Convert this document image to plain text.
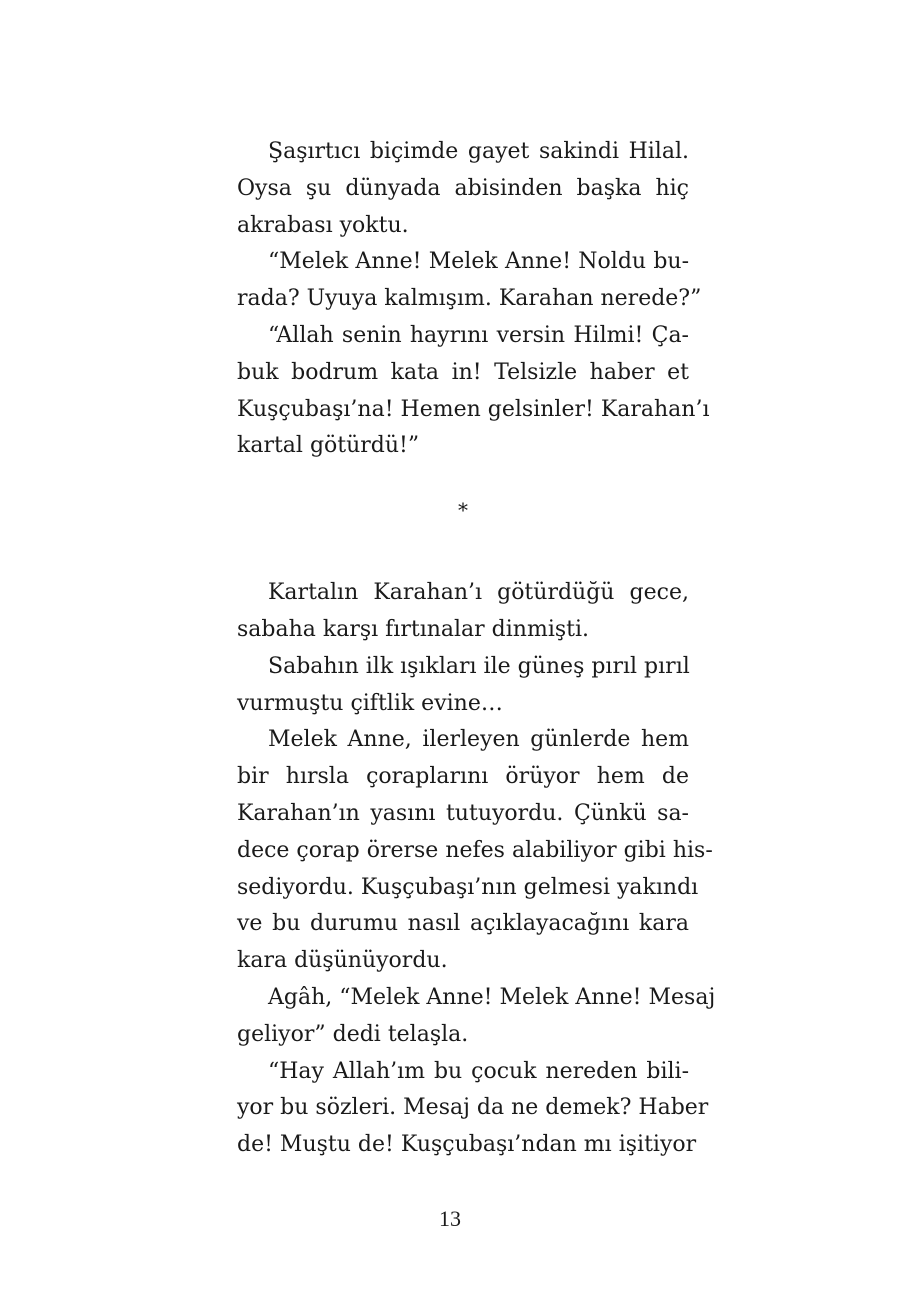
Şaşırtıcı biçimde gayet sakindi Hilal.
Oysa şu dünyada abisinden başka hiç
akrabası yoktu.
“Melek Anne! Melek Anne! Noldu bu-
rada? Uyuya kalmışım. Karahan nerede?”
“Allah senin hayrını versin Hilmi! Ça-
buk bodrum kata in! Telsizle haber et
Kuşçubaşı’na! Hemen gelsinler! Karahan’ı
kartal götürdü!”
*
Kartalın Karahan’ı götürdüğü gece,
sabaha karşı fırtınalar dinmişti.
Sabahın ilk ışıkları ile güneş pırıl pırıl
vurmuştu çiftlik evine…
Melek Anne, ilerleyen günlerde hem
bir hırsla çoraplarını örüyor hem de
Karahan’ın yasını tutuyordu. Çünkü sa-
dece çorap örerse nefes alabiliyor gibi his-
sediyordu. Kuşçubaşı’nın gelmesi yakındı
ve bu durumu nasıl açıklayacağını kara
kara düşünüyordu.
Agâh, “Melek Anne! Melek Anne! Mesaj
geliyor” dedi telaşla.
“Hay Allah’ım bu çocuk nereden bili-
yor bu sözleri. Mesaj da ne demek? Haber
de! Muştu de! Kuşçubaşı’ndan mı işitiyor
13
